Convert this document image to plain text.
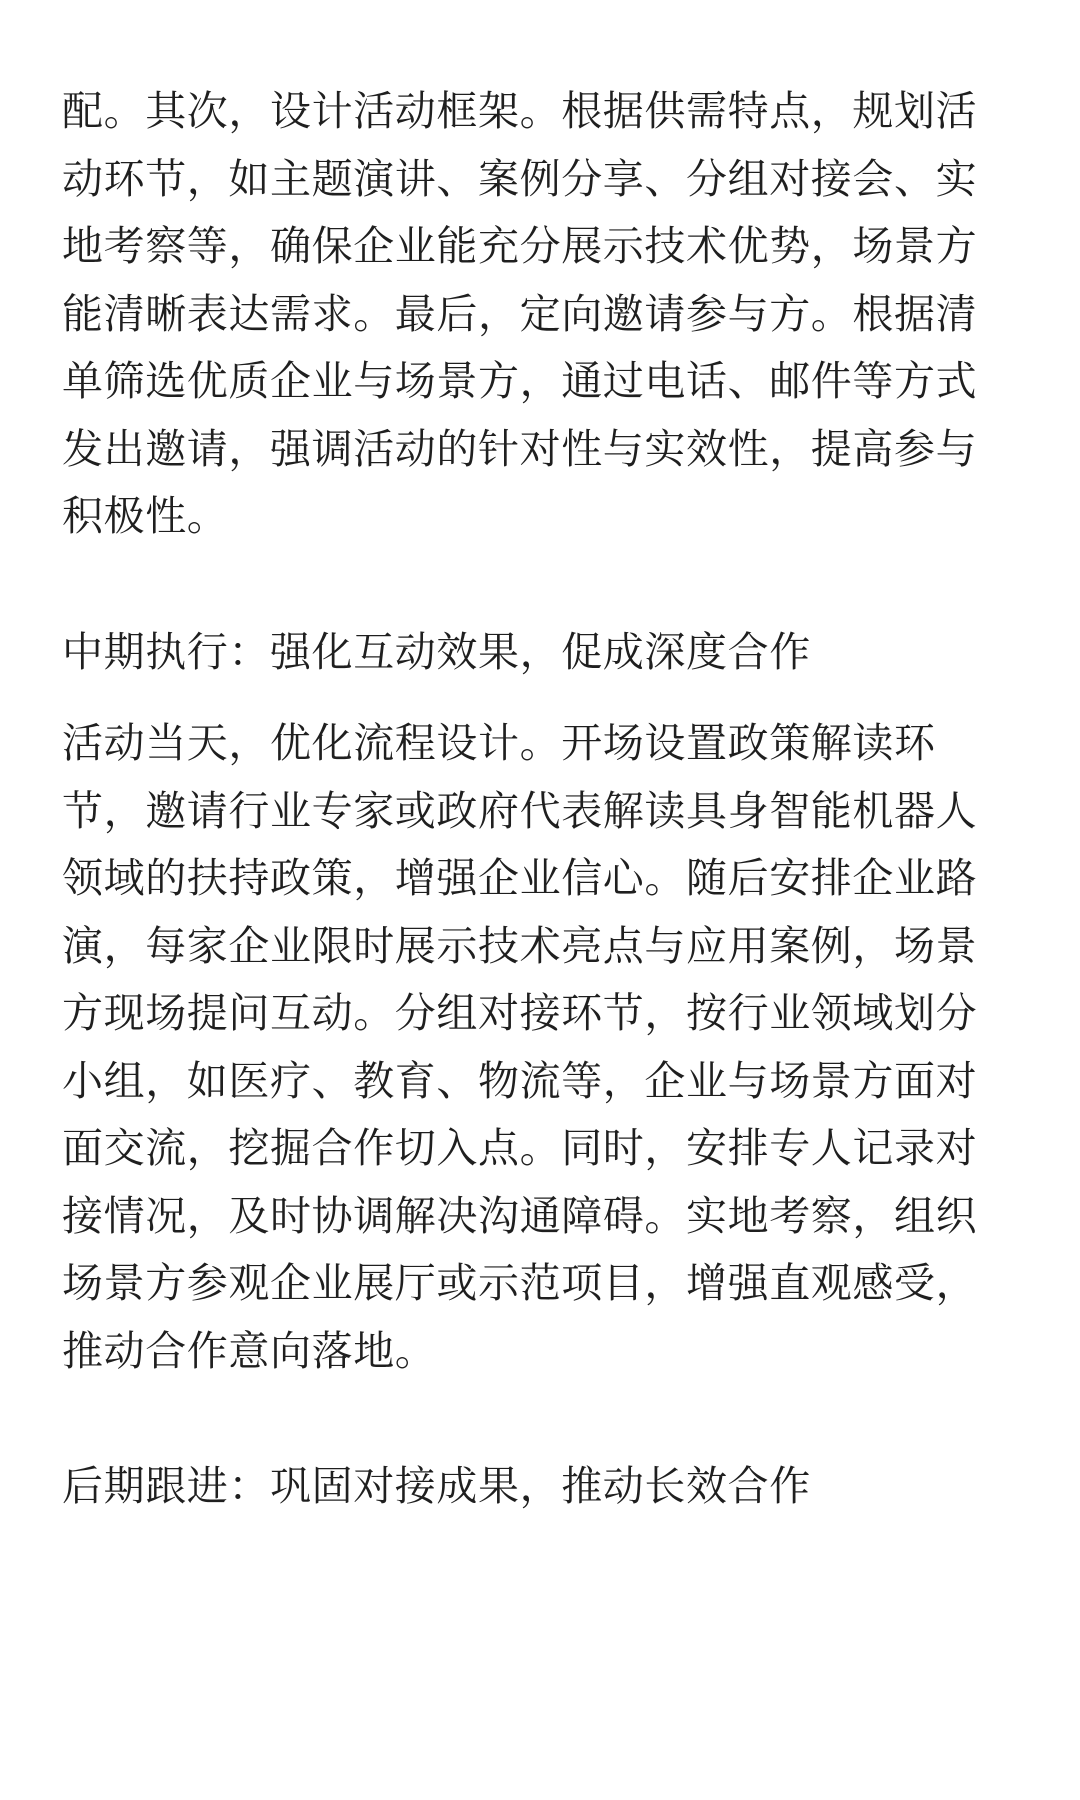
配。其次，设计活动框架。根据供需特点，规划活
动环节，如主题演讲、案例分享、分组对接会、实
地考察等，确保企业能充分展示技术优势，场景方
能清晰表达需求。最后，定向邀请参与方。根据清
单筛选优质企业与场景方，通过电话、邮件等方式
发出邀请，强调活动的针对性与实效性，提高参与
积极性。

中期执行：强化互动效果，促成深度合作

活动当天，优化流程设计。开场设置政策解读环
节，邀请行业专家或政府代表解读具身智能机器人
领域的扶持政策，增强企业信心。随后安排企业路
演，每家企业限时展示技术亮点与应用案例，场景
方现场提问互动。分组对接环节，按行业领域划分
小组，如医疗、教育、物流等，企业与场景方面对
面交流，挖掘合作切入点。同时，安排专人记录对
接情况，及时协调解决沟通障碍。实地考察，组织
场景方参观企业展厅或示范项目，增强直观感受，
推动合作意向落地。

后期跟进：巩固对接成果，推动长效合作
